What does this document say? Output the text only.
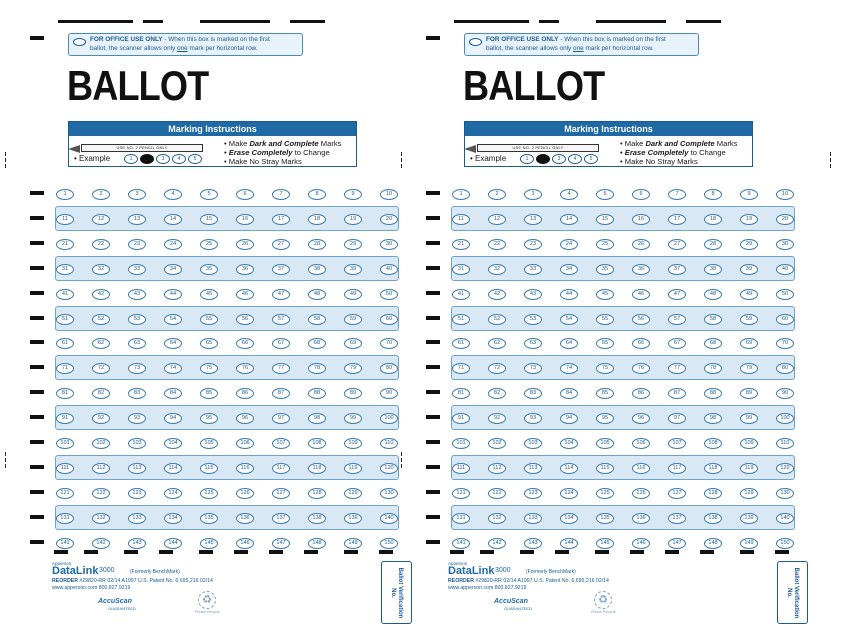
FOR OFFICE USE ONLY - When this box is marked on the first
ballot, the scanner allows only one mark per horizontal row.
BALLOT
Marking Instructions
USE NO. 2 PENCIL ONLY
• Example	1	2	3	4	5
• Make Dark and Complete Marks
• Erase Completely to Change
• Make No Stray Marks
1	2	3	4	5	6	7	8	9	10
11	12	13	14	15	16	17	18	19	20
21	22	23	24	25	26	27	28	29	30
31	32	33	34	35	36	37	38	39	40
41	42	43	44	45	46	47	48	49	50
51	52	53	54	55	56	57	58	59	60
61	62	63	64	65	66	67	68	69	70
71	72	73	74	75	76	77	78	79	80
81	82	83	84	85	86	87	88	89	90
91	92	93	94	95	96	97	98	99	100
101	102	103	104	105	106	107	108	109	110
111	112	113	114	115	116	117	118	119	120
121	122	123	124	125	126	127	128	129	130
131	132	133	134	135	136	137	138	139	140
141	142	143	144	145	146	147	148	149	150
Apperson
DataLink 3000	(Formerly BenchMark)
REORDER #29820-RR 02/14 A1997 U.S. Patent No. 6,695,216 02/14
www.apperson.com 800.827.9219
AccuScan
GUARANTEED
♻
Please Recycle	Ballot Verification No.
FOR OFFICE USE ONLY - When this box is marked on the first
ballot, the scanner allows only one mark per horizontal row.
BALLOT
Marking Instructions
USE NO. 2 PENCIL ONLY
• Example	1	2	3	4	5
• Make Dark and Complete Marks
• Erase Completely to Change
• Make No Stray Marks
1	2	3	4	5	6	7	8	9	10
11	12	13	14	15	16	17	18	19	20
21	22	23	24	25	26	27	28	29	30
31	32	33	34	35	36	37	38	39	40
41	42	43	44	45	46	47	48	49	50
51	52	53	54	55	56	57	58	59	60
61	62	63	64	65	66	67	68	69	70
71	72	73	74	75	76	77	78	79	80
81	82	83	84	85	86	87	88	89	90
91	92	93	94	95	96	97	98	99	100
101	102	103	104	105	106	107	108	109	110
111	112	113	114	115	116	117	118	119	120
121	122	123	124	125	126	127	128	129	130
131	132	133	134	135	136	137	138	139	140
141	142	143	144	145	146	147	148	149	150
Apperson
DataLink 3000	(Formerly BenchMark)
REORDER #29820-RR 02/14 A1997 U.S. Patent No. 6,695,216 02/14
www.apperson.com 800.827.9219
AccuScan
GUARANTEED
♻
Please Recycle	Ballot Verification No.
